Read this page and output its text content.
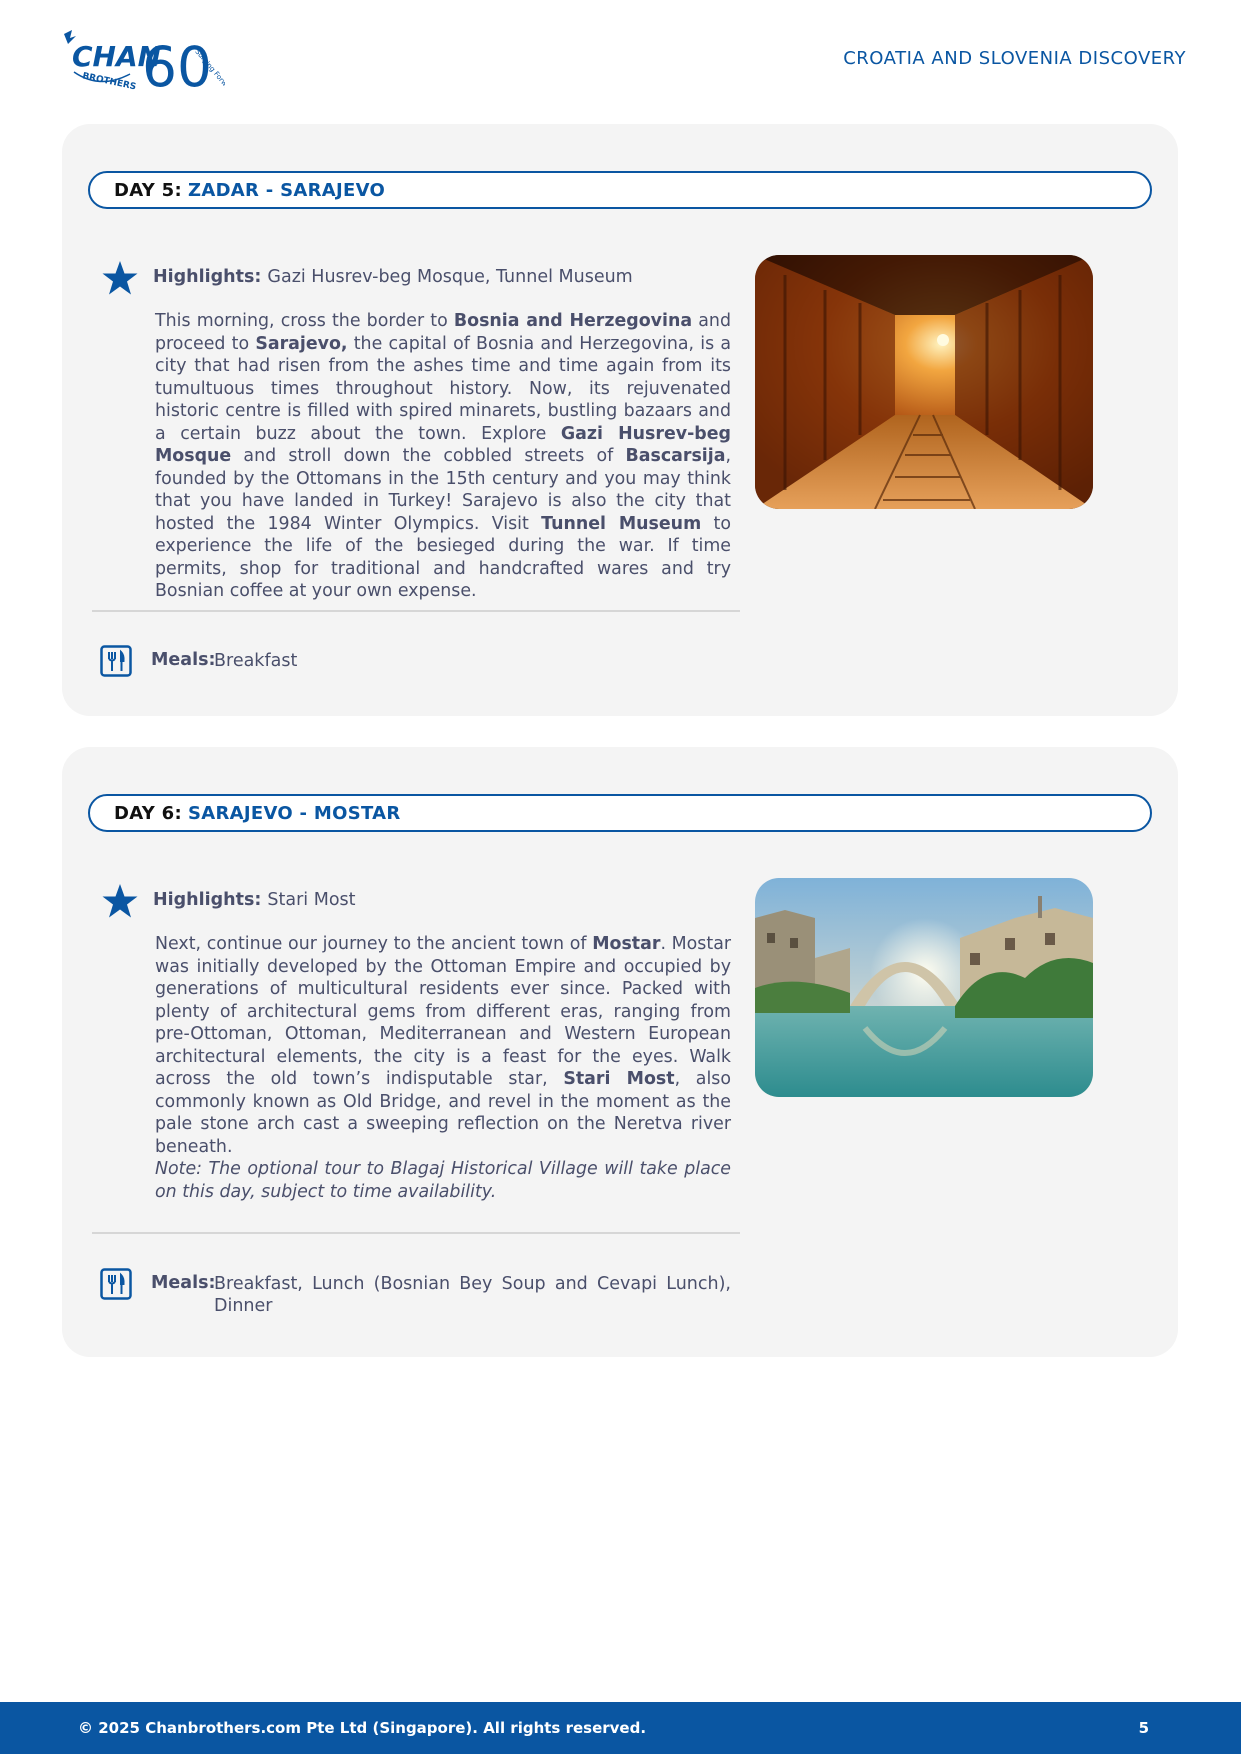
CHAN
BROTHERS 60
Surging Forward
CROATIA AND SLOVENIA DISCOVERY
DAY 5: ZADAR - SARAJEVO
Highlights: Gazi Husrev-beg Mosque, Tunnel Museum
This morning, cross the border to Bosnia and Herzegovina and proceed to Sarajevo, the capital of Bosnia and Herzegovina, is a city that had risen from the ashes time and time again from its tumultuous times throughout history. Now, its rejuvenated historic centre is filled with spired minarets, bustling bazaars and a certain buzz about the town. Explore Gazi Husrev-beg Mosque and stroll down the cobbled streets of Bascarsija, founded by the Ottomans in the 15th century and you may think that you have landed in Turkey! Sarajevo is also the city that hosted the 1984 Winter Olympics. Visit Tunnel Museum to experience the life of the besieged during the war. If time permits, shop for traditional and handcrafted wares and try Bosnian coffee at your own expense.
Meals:
Breakfast
DAY 6: SARAJEVO - MOSTAR
Highlights: Stari Most
Next, continue our journey to the ancient town of Mostar. Mostar was initially developed by the Ottoman Empire and occupied by generations of multicultural residents ever since. Packed with plenty of architectural gems from different eras, ranging from pre-Ottoman, Ottoman, Mediterranean and Western European architectural elements, the city is a feast for the eyes. Walk across the old town’s indisputable star, Stari Most, also commonly known as Old Bridge, and revel in the moment as the pale stone arch cast a sweeping reflection on the Neretva river beneath.
Note: The optional tour to Blagaj Historical Village will take place on this day, subject to time availability.
Meals:
Breakfast, Lunch (Bosnian Bey Soup and Cevapi Lunch), Dinner
© 2025 Chanbrothers.com Pte Ltd (Singapore). All rights reserved.	5
